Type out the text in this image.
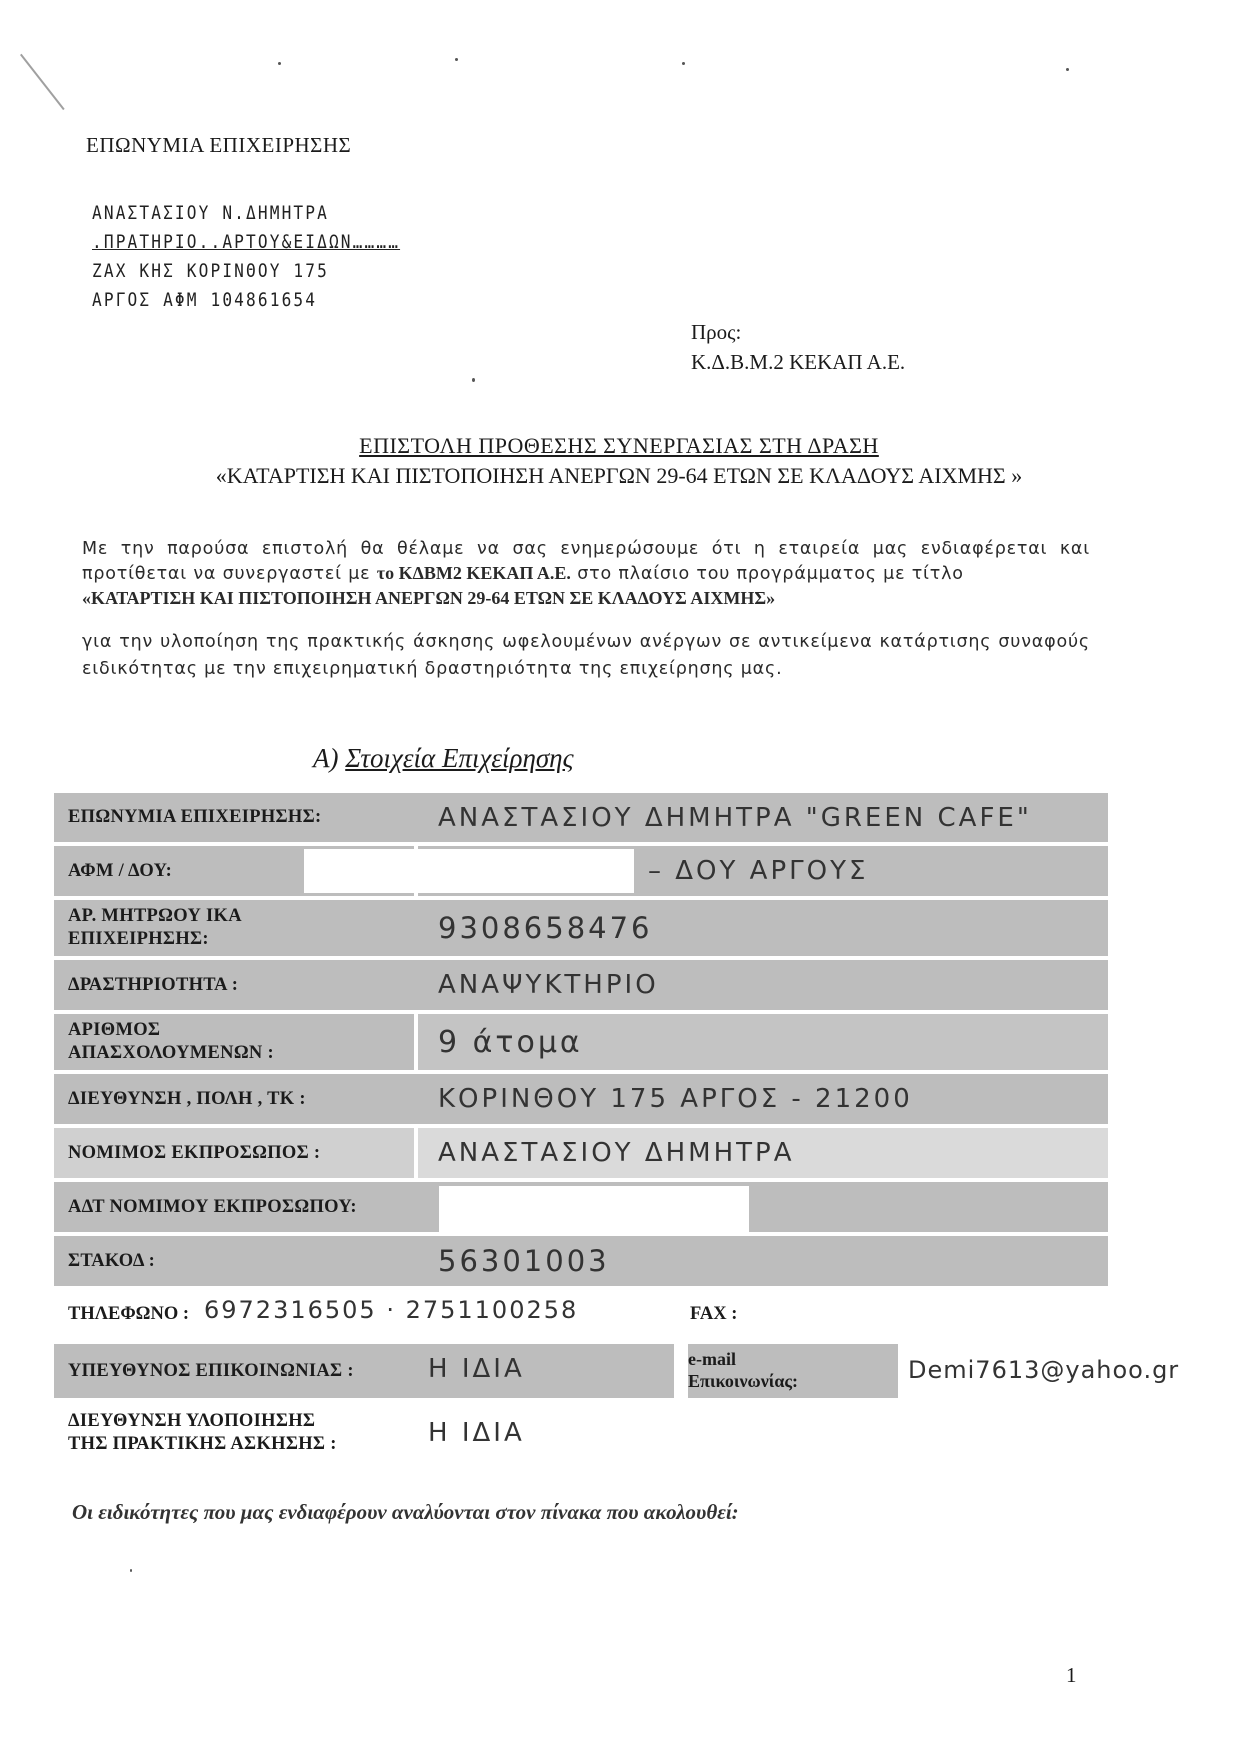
ΕΠΩΝΥΜΙΑ ΕΠΙΧΕΙΡΗΣΗΣ
ΑΝΑΣΤΑΣΙΟΥ Ν.ΔΗΜΗΤΡΑ
.ΠΡΑΤΗΡΙΟ..ΑΡΤΟΥ&ΕΙΔΩΝ…………
ΖΑΧ ΚΗΣ ΚΟΡΙΝΘΟΥ 175
ΑΡΓΟΣ ΑΦΜ 104861654
Προς:
Κ.Δ.Β.Μ.2 ΚΕΚΑΠ Α.Ε.
ΕΠΙΣΤΟΛΗ ΠΡΟΘΕΣΗΣ ΣΥΝΕΡΓΑΣΙΑΣ ΣΤΗ ΔΡΑΣΗ
«ΚΑΤΑΡΤΙΣΗ ΚΑΙ ΠΙΣΤΟΠΟΙΗΣΗ ΑΝΕΡΓΩΝ 29-64 ΕΤΩΝ ΣΕ ΚΛΑΔΟΥΣ ΑΙΧΜΗΣ »
Με την παρούσα επιστολή θα θέλαμε να σας ενημερώσουμε ότι η εταιρεία μας ενδιαφέρεται και προτίθεται να συνεργαστεί με το ΚΔΒΜ2 ΚΕΚΑΠ Α.Ε. στο πλαίσιο του προγράμματος με τίτλο
«ΚΑΤΑΡΤΙΣΗ ΚΑΙ ΠΙΣΤΟΠΟΙΗΣΗ ΑΝΕΡΓΩΝ 29-64 ΕΤΩΝ ΣΕ ΚΛΑΔΟΥΣ ΑΙΧΜΗΣ»
για την υλοποίηση της πρακτικής άσκησης ωφελουμένων ανέργων σε αντικείμενα κατάρτισης συναφούς ειδικότητας με την επιχειρηματική δραστηριότητα της επιχείρησης μας.
Α) Στοιχεία Επιχείρησης
ΕΠΩΝΥΜΙΑ ΕΠΙΧΕΙΡΗΣΗΣ:	ΑΝΑΣΤΑΣΙΟΥ ΔΗΜΗΤΡΑ "GREEN CAFE"
ΑΦΜ / ΔΟΥ:	– ΔΟΥ ΑΡΓΟΥΣ
ΑΡ. ΜΗΤΡΩΟΥ ΙΚΑ
ΕΠΙΧΕΙΡΗΣΗΣ:	9308658476
ΔΡΑΣΤΗΡΙΟΤΗΤΑ :	ΑΝΑΨΥΚΤΗΡΙΟ
ΑΡΙΘΜΟΣ
ΑΠΑΣΧΟΛΟΥΜΕΝΩΝ :	9 άτομα
ΔΙΕΥΘΥΝΣΗ , ΠΟΛΗ , ΤΚ :	ΚΟΡΙΝΘΟΥ 175 ΑΡΓΟΣ - 21200
ΝΟΜΙΜΟΣ ΕΚΠΡΟΣΩΠΟΣ :	ΑΝΑΣΤΑΣΙΟΥ ΔΗΜΗΤΡΑ
ΑΔΤ ΝΟΜΙΜΟΥ ΕΚΠΡΟΣΩΠΟΥ:
ΣΤΑΚΟΔ :	56301003
ΤΗΛΕΦΩΝΟ : 6972316505 · 2751100258	FAX :
ΥΠΕΥΘΥΝΟΣ ΕΠΙΚΟΙΝΩΝΙΑΣ :	Η ΙΔΙΑ	e-mail
Επικοινωνίας:	Demi7613@yahoo.gr
ΔΙΕΥΘΥΝΣΗ ΥΛΟΠΟΙΗΣΗΣ
ΤΗΣ ΠΡΑΚΤΙΚΗΣ ΑΣΚΗΣΗΣ :	Η ΙΔΙΑ
Οι ειδικότητες που μας ενδιαφέρουν αναλύονται στον πίνακα που ακολουθεί:
1
